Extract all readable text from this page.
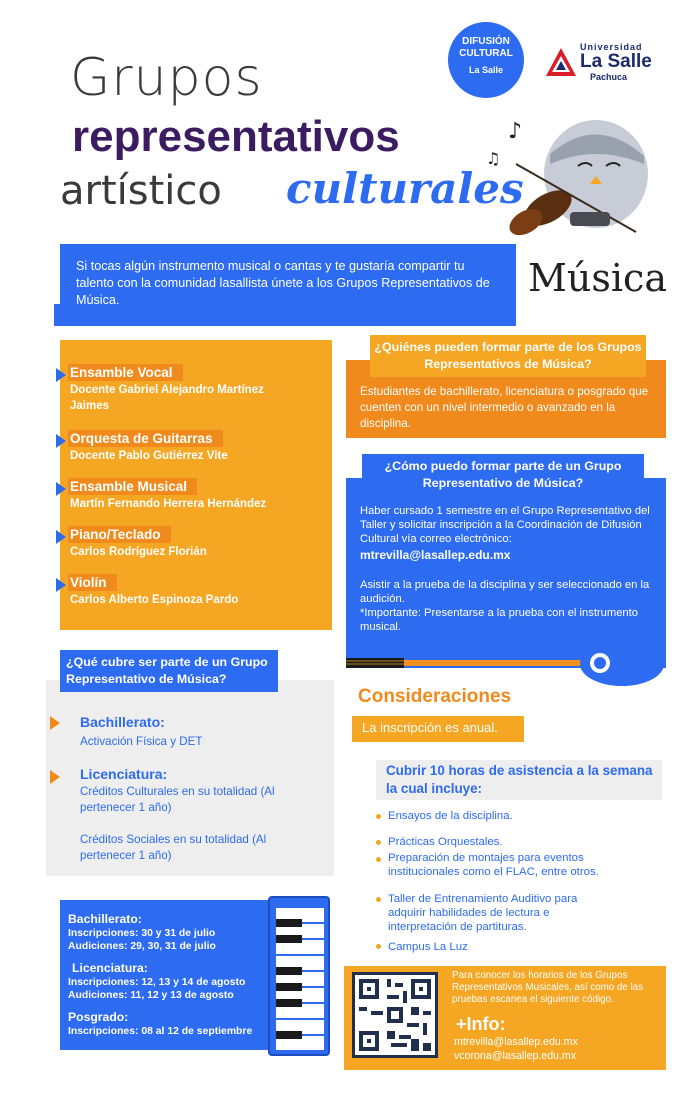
Grupos
representativos
artístico culturales
DIFUSIÓN CULTURAL
La Salle
Universidad
La Salle
Pachuca
♪
♫
Música
Si tocas algún instrumento musical o cantas y te gustaría compartir tu talento con la comunidad lasallista únete a los Grupos Representativos de Música.
Ensamble Vocal
Docente Gabriel Alejandro Martínez Jaimes
Orquesta de Guitarras
Docente Pablo Gutiérrez Vite
Ensamble Musical
Martín Fernando Herrera Hernández
Piano/Teclado
Carlos Rodríguez Florián
Violín
Carlos Alberto Espinoza Pardo
Estudiantes de bachillerato, licenciatura o posgrado que cuenten con un nivel intermedio o avanzado en la disciplina.
¿Quiénes pueden formar parte de los Grupos Representativos de Música?
Haber cursado 1 semestre en el Grupo Representativo del Taller y solicitar inscripción a la Coordinación de Difusión Cultural vía correo electrónico:
mtrevilla@lasallep.edu.mx
Asistir a la prueba de la disciplina y ser seleccionado en la audición.
*Importante: Presentarse a la prueba con el instrumento musical.
¿Cómo puedo formar parte de un Grupo Representativo de Música?
Bachillerato:
Activación Física y DET
Licenciatura:
Créditos Culturales en su totalidad (Al pertenecer 1 año)
Créditos Sociales en su totalidad (Al pertenecer 1 año)
¿Qué cubre ser parte de un Grupo Representativo de Música?
Bachillerato:
Inscripciones: 30 y 31 de julio
Audiciones: 29, 30, 31 de julio
Licenciatura:
Inscripciones: 12, 13 y 14 de agosto
Audiciones: 11, 12 y 13 de agosto
Posgrado:
Inscripciones: 08 al 12 de septiembre
Consideraciones
La inscripción es anual.
Cubrir 10 horas de asistencia a la semana la cual incluye:
Ensayos de la disciplina.
Prácticas Orquestales.
Preparación de montajes para eventos institucionales como el FLAC, entre otros.
Taller de Entrenamiento Auditivo para adquirir habilidades de lectura e interpretación de partituras.
Campus La Luz
Para conocer los horarios de los Grupos Representativos Musicales, así como de las pruebas escanea el siguiente código.
+Info:
mtrevilla@lasallep.edu.mx
vcorona@lasallep.edu.mx
